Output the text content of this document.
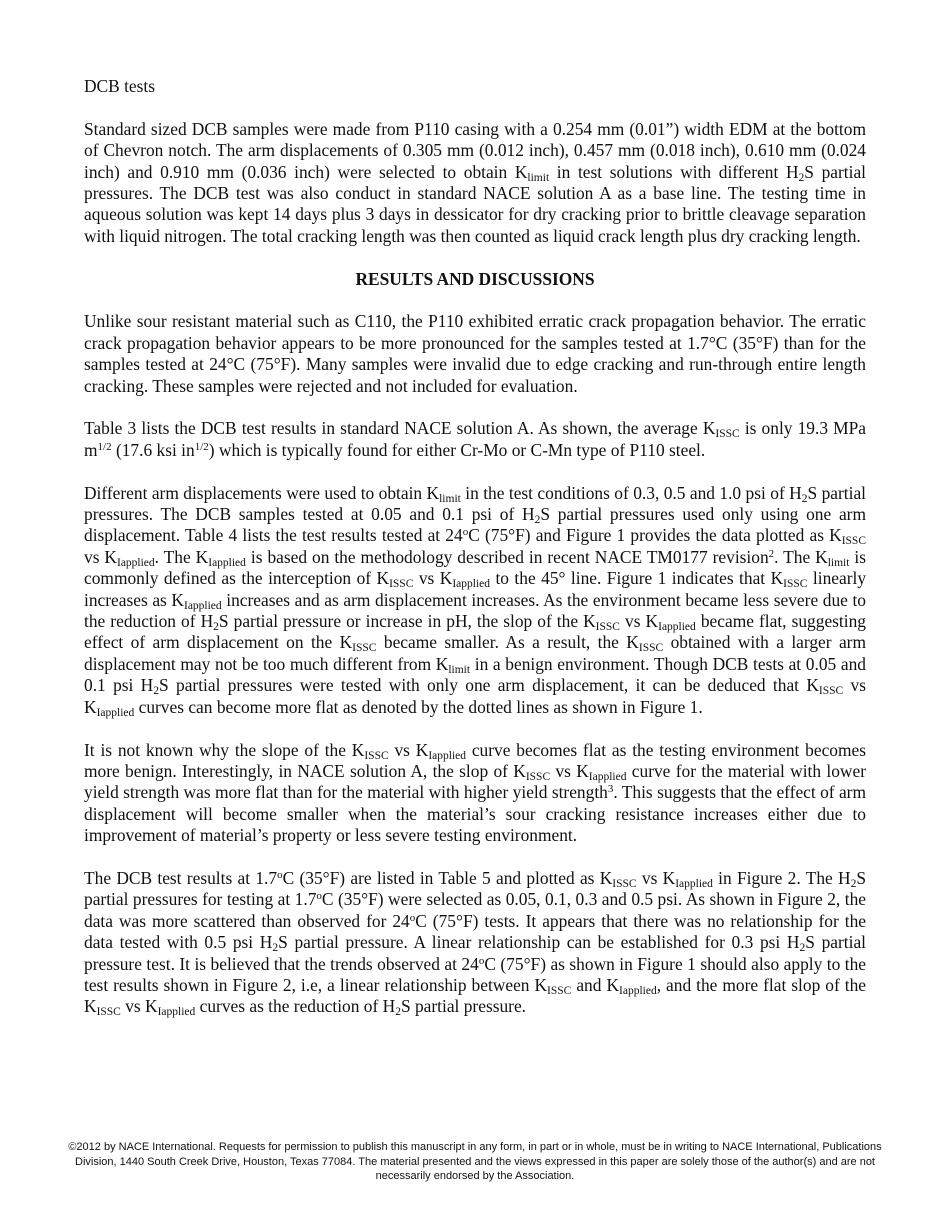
DCB tests
Standard sized DCB samples were made from P110 casing with a 0.254 mm (0.01”) width EDM at the bottom of Chevron notch. The arm displacements of 0.305 mm (0.012 inch), 0.457 mm (0.018 inch), 0.610 mm (0.024 inch) and 0.910 mm (0.036 inch) were selected to obtain $K_{limit}$ in test solutions with different $H_2S$ partial pressures. The DCB test was also conduct in standard NACE solution A as a base line. The testing time in aqueous solution was kept 14 days plus 3 days in dessicator for dry cracking prior to brittle cleavage separation with liquid nitrogen. The total cracking length was then counted as liquid crack length plus dry cracking length.
RESULTS AND DISCUSSIONS
Unlike sour resistant material such as C110, the P110 exhibited erratic crack propagation behavior. The erratic crack propagation behavior appears to be more pronounced for the samples tested at 1.7°C (35°F) than for the samples tested at 24°C (75°F). Many samples were invalid due to edge cracking and run-through entire length cracking. These samples were rejected and not included for evaluation.
Table 3 lists the DCB test results in standard NACE solution A. As shown, the average $K_{ISSC}$ is only 19.3 MPa $m^{1/2}$ (17.6 ksi $in^{1/2}$) which is typically found for either Cr-Mo or C-Mn type of P110 steel.
Different arm displacements were used to obtain $K_{limit}$ in the test conditions of 0.3, 0.5 and 1.0 psi of $H_2S$ partial pressures. The DCB samples tested at 0.05 and 0.1 psi of $H_2S$ partial pressures used only using one arm displacement. Table 4 lists the test results tested at 24$^o$C (75°F) and Figure 1 provides the data plotted as $K_{ISSC}$ vs $K_{Iapplied}$. The $K_{Iapplied}$ is based on the methodology described in recent NACE TM0177 revision$^2$. The $K_{limit}$ is commonly defined as the interception of $K_{ISSC}$ vs $K_{Iapplied}$ to the 45° line. Figure 1 indicates that $K_{ISSC}$ linearly increases as $K_{Iapplied}$ increases and as arm displacement increases. As the environment became less severe due to the reduction of $H_2S$ partial pressure or increase in pH, the slop of the $K_{ISSC}$ vs $K_{Iapplied}$ became flat, suggesting effect of arm displacement on the $K_{ISSC}$ became smaller. As a result, the $K_{ISSC}$ obtained with a larger arm displacement may not be too much different from $K_{limit}$ in a benign environment. Though DCB tests at 0.05 and 0.1 psi $H_2S$ partial pressures were tested with only one arm displacement, it can be deduced that $K_{ISSC}$ vs $K_{Iapplied}$ curves can become more flat as denoted by the dotted lines as shown in Figure 1.
It is not known why the slope of the $K_{ISSC}$ vs $K_{Iapplied}$ curve becomes flat as the testing environment becomes more benign. Interestingly, in NACE solution A, the slop of $K_{ISSC}$ vs $K_{Iapplied}$ curve for the material with lower yield strength was more flat than for the material with higher yield strength$^3$. This suggests that the effect of arm displacement will become smaller when the material’s sour cracking resistance increases either due to improvement of material’s property or less severe testing environment.
The DCB test results at 1.7$^o$C (35°F) are listed in Table 5 and plotted as $K_{ISSC}$ vs $K_{Iapplied}$ in Figure 2. The $H_2S$ partial pressures for testing at 1.7$^o$C (35°F) were selected as 0.05, 0.1, 0.3 and 0.5 psi. As shown in Figure 2, the data was more scattered than observed for 24$^o$C (75°F) tests. It appears that there was no relationship for the data tested with 0.5 psi $H_2S$ partial pressure. A linear relationship can be established for 0.3 psi $H_2S$ partial pressure test. It is believed that the trends observed at 24$^o$C (75°F) as shown in Figure 1 should also apply to the test results shown in Figure 2, i.e, a linear relationship between $K_{ISSC}$ and $K_{Iapplied}$, and the more flat slop of the $K_{ISSC}$ vs $K_{Iapplied}$ curves as the reduction of $H_2S$ partial pressure.
©2012 by NACE International. Requests for permission to publish this manuscript in any form, in part or in whole, must be in writing to NACE International, Publications Division, 1440 South Creek Drive, Houston, Texas 77084. The material presented and the views expressed in this paper are solely those of the author(s) and are not necessarily endorsed by the Association.
